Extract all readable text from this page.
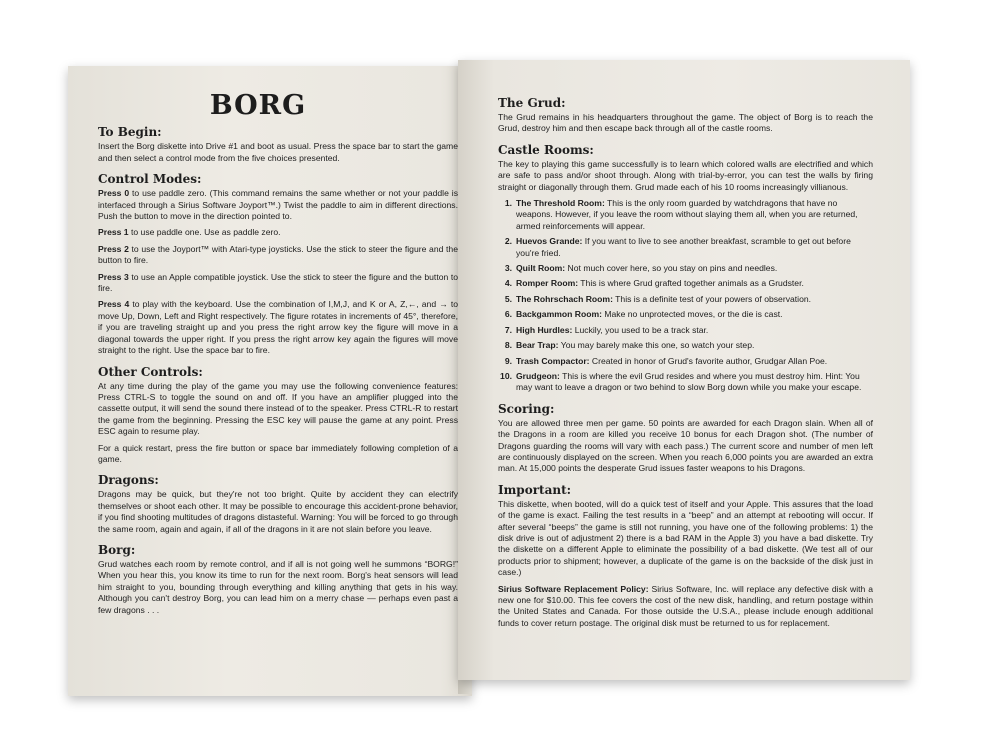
BORG
To Begin:

Insert the Borg diskette into Drive #1 and boot as usual. Press the space bar to start the game and then select a control mode from the five choices presented.

Control Modes:

Press 0 to use paddle zero. (This command remains the same whether or not your paddle is interfaced through a Sirius Software Joyport™.) Twist the paddle to aim in different directions. Push the button to move in the direction pointed to.

Press 1 to use paddle one. Use as paddle zero.

Press 2 to use the Joyport™ with Atari-type joysticks. Use the stick to steer the figure and the button to fire.

Press 3 to use an Apple compatible joystick. Use the stick to steer the figure and the button to fire.

Press 4 to play with the keyboard. Use the combination of I,M,J, and K or A, Z,←, and → to move Up, Down, Left and Right respectively. The figure rotates in increments of 45°, therefore, if you are traveling straight up and you press the right arrow key the figure will move in a diagonal towards the upper right. If you press the right arrow key again the figures will move straight to the right. Use the space bar to fire.

Other Controls:

At any time during the play of the game you may use the following convenience features: Press CTRL-S to toggle the sound on and off. If you have an amplifier plugged into the cassette output, it will send the sound there instead of to the speaker. Press CTRL-R to restart the game from the beginning. Pressing the ESC key will pause the game at any point. Press ESC again to resume play.

For a quick restart, press the fire button or space bar immediately following completion of a game.

Dragons:

Dragons may be quick, but they're not too bright. Quite by accident they can electrify themselves or shoot each other. It may be possible to encourage this accident-prone behavior, if you find shooting multitudes of dragons distasteful. Warning: You will be forced to go through the same room, again and again, if all of the dragons in it are not slain before you leave.

Borg:

Grud watches each room by remote control, and if all is not going well he summons “BORG!” When you hear this, you know its time to run for the next room. Borg's heat sensors will lead him straight to you, bounding through everything and killing anything that gets in his way. Although you can't destroy Borg, you can lead him on a merry chase — perhaps even past a few dragons . . .

The Grud:

The Grud remains in his headquarters throughout the game. The object of Borg is to reach the Grud, destroy him and then escape back through all of the castle rooms.

Castle Rooms:

The key to playing this game successfully is to learn which colored walls are electrified and which are safe to pass and/or shoot through. Along with trial-by-error, you can test the walls by firing straight or diagonally through them. Grud made each of his 10 rooms increasingly villianous.

1. The Threshold Room: This is the only room guarded by watchdragons that have no weapons. However, if you leave the room without slaying them all, when you are returned, armed reinforcements will appear.
2. Huevos Grande: If you want to live to see another breakfast, scramble to get out before you're fried.
3. Quilt Room: Not much cover here, so you stay on pins and needles.
4. Romper Room: This is where Grud grafted together animals as a Grudster.
5. The Rohrschach Room: This is a definite test of your powers of observation.
6. Backgammon Room: Make no unprotected moves, or the die is cast.
7. High Hurdles: Luckily, you used to be a track star.
8. Bear Trap: You may barely make this one, so watch your step.
9. Trash Compactor: Created in honor of Grud's favorite author, Grudgar Allan Poe.
10. Grudgeon: This is where the evil Grud resides and where you must destroy him. Hint: You may want to leave a dragon or two behind to slow Borg down while you make your escape.
Scoring:

You are allowed three men per game. 50 points are awarded for each Dragon slain. When all of the Dragons in a room are killed you receive 10 bonus for each Dragon shot. (The number of Dragons guarding the rooms will vary with each pass.) The current score and number of men left are continuously displayed on the screen. When you reach 6,000 points you are awarded an extra man. At 15,000 points the desperate Grud issues faster weapons to his Dragons.

Important:

This diskette, when booted, will do a quick test of itself and your Apple. This assures that the load of the game is exact. Failing the test results in a “beep” and an attempt at rebooting will occur. If after several “beeps” the game is still not running, you have one of the following problems: 1) the disk drive is out of adjustment 2) there is a bad RAM in the Apple 3) you have a bad diskette. Try the diskette on a different Apple to eliminate the possibility of a bad diskette. (We test all of our products prior to shipment; however, a duplicate of the game is on the backside of the disk just in case.)

Sirius Software Replacement Policy: Sirius Software, Inc. will replace any defective disk with a new one for $10.00. This fee covers the cost of the new disk, handling, and return postage within the United States and Canada. For those outside the U.S.A., please include enough additional funds to cover return postage. The original disk must be returned to us for replacement.
